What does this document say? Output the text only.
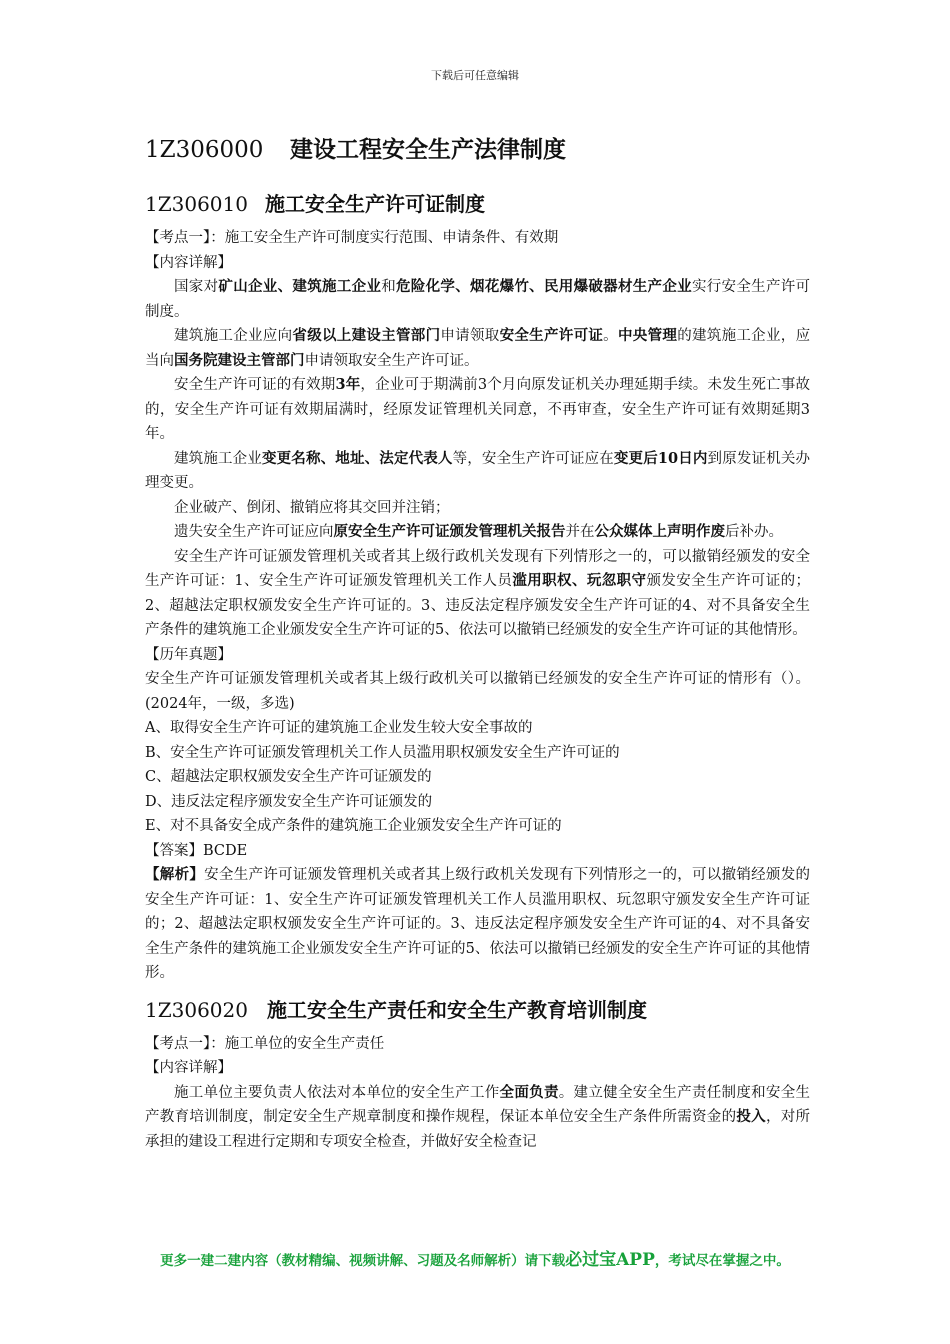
下载后可任意编辑
1Z306000 建设工程安全生产法律制度
1Z306010 施工安全生产许可证制度

【考点一】：施工安全生产许可制度实行范围、申请条件、有效期

【内容详解】

国家对矿山企业、建筑施工企业和危险化学、烟花爆竹、民用爆破器材生产企业实行安全生产许可制度。

建筑施工企业应向省级以上建设主管部门申请领取安全生产许可证。中央管理的建筑施工企业，应当向国务院建设主管部门申请领取安全生产许可证。

安全生产许可证的有效期3年，企业可于期满前3个月向原发证机关办理延期手续。未发生死亡事故的，安全生产许可证有效期届满时，经原发证管理机关同意，不再审查，安全生产许可证有效期延期3年。

建筑施工企业变更名称、地址、法定代表人等，安全生产许可证应在变更后10日内到原发证机关办理变更。

企业破产、倒闭、撤销应将其交回并注销；

遗失安全生产许可证应向原安全生产许可证颁发管理机关报告并在公众媒体上声明作废后补办。

安全生产许可证颁发管理机关或者其上级行政机关发现有下列情形之一的，可以撤销经颁发的安全生产许可证：1、安全生产许可证颁发管理机关工作人员滥用职权、玩忽职守颁发安全生产许可证的；2、超越法定职权颁发安全生产许可证的。3、违反法定程序颁发安全生产许可证的4、对不具备安全生产条件的建筑施工企业颁发安全生产许可证的5、依法可以撤销已经颁发的安全生产许可证的其他情形。

【历年真题】

安全生产许可证颁发管理机关或者其上级行政机关可以撤销已经颁发的安全生产许可证的情形有（）。(2024年，一级，多选)

A、取得安全生产许可证的建筑施工企业发生较大安全事故的

B、安全生产许可证颁发管理机关工作人员滥用职权颁发安全生产许可证的

C、超越法定职权颁发安全生产许可证颁发的

D、违反法定程序颁发安全生产许可证颁发的

E、对不具备安全成产条件的建筑施工企业颁发安全生产许可证的

【答案】BCDE

【解析】安全生产许可证颁发管理机关或者其上级行政机关发现有下列情形之一的，可以撤销经颁发的安全生产许可证：1、安全生产许可证颁发管理机关工作人员滥用职权、玩忽职守颁发安全生产许可证的；2、超越法定职权颁发安全生产许可证的。3、违反法定程序颁发安全生产许可证的4、对不具备安全生产条件的建筑施工企业颁发安全生产许可证的5、依法可以撤销已经颁发的安全生产许可证的其他情形。

1Z306020 施工安全生产责任和安全生产教育培训制度

【考点一】：施工单位的安全生产责任

【内容详解】

施工单位主要负责人依法对本单位的安全生产工作全面负责。建立健全安全生产责任制度和安全生产教育培训制度，制定安全生产规章制度和操作规程，保证本单位安全生产条件所需资金的投入，对所承担的建设工程进行定期和专项安全检查，并做好安全检查记

更多一建二建内容（教材精编、视频讲解、习题及名师解析）请下载必过宝APP，考试尽在掌握之中。
